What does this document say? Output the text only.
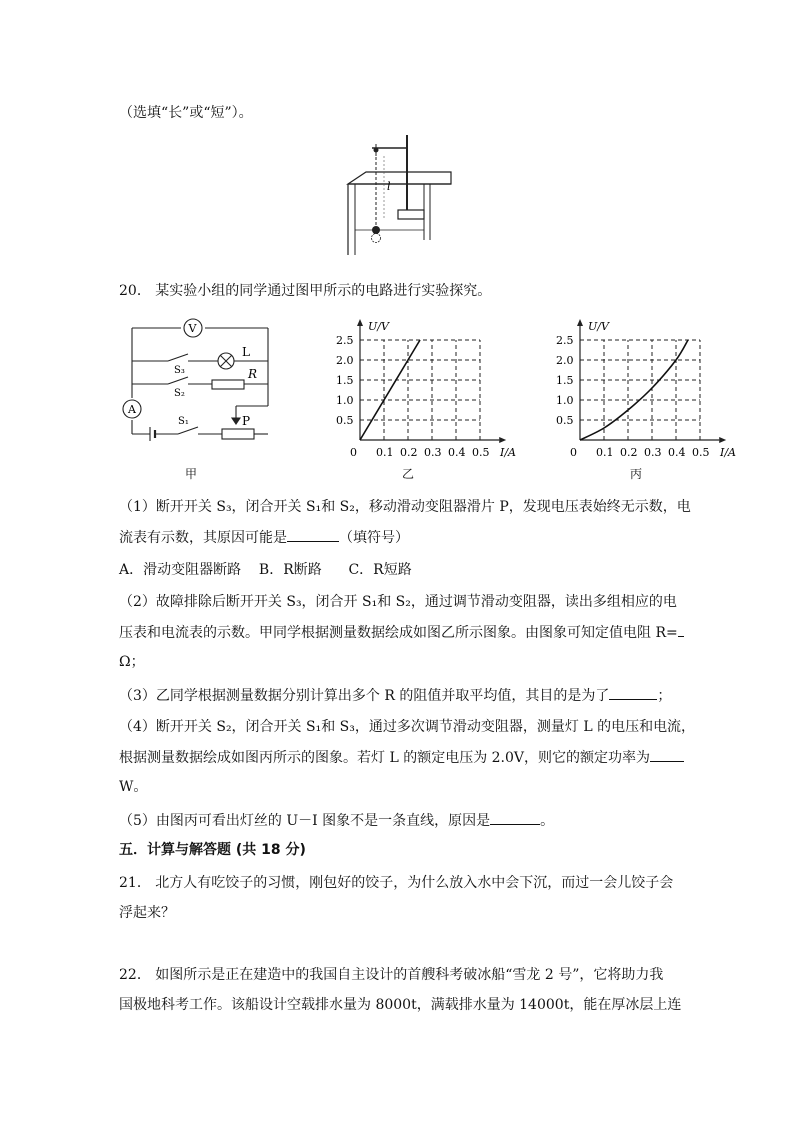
（选填“长”或“短”）。
l
20． 某实验小组的同学通过图甲所示的电路进行实验探究。
V
A
L
S₃	R
S₂
S₁	P
甲
0.1 0.2 0.3 0.4 0.5
0.5
1.0
1.5
2.0
2.5
0	I/A
U/V
乙
0.1 0.2 0.3 0.4 0.5
0.5
1.0
1.5
2.0
2.5
0	I/A
U/V
丙
（1）断开开关 S₃，闭合开关 S₁和 S₂，移动滑动变阻器滑片 P，发现电压表始终无示数，电
流表有示数，其原因可能是	（填符号）
A．滑动变阻器断路    B．R断路      C．R短路
（2）故障排除后断开开关 S₃，闭合开 S₁和 S₂，通过调节滑动变阻器，读出多组相应的电
压表和电流表的示数。甲同学根据测量数据绘成如图乙所示图象。由图象可知定值电阻 R=
Ω；
（3）乙同学根据测量数据分别计算出多个 R 的阻值并取平均值，其目的是为了	；
（4）断开开关 S₂，闭合开关 S₁和 S₃，通过多次调节滑动变阻器，测量灯 L 的电压和电流，
根据测量数据绘成如图丙所示的图象。若灯 L 的额定电压为 2.0V，则它的额定功率为
W。
（5）由图丙可看出灯丝的 U－I 图象不是一条直线，原因是	。
五．计算与解答题 (共 18 分)
21． 北方人有吃饺子的习惯，刚包好的饺子，为什么放入水中会下沉，而过一会儿饺子会
浮起来？
22． 如图所示是正在建造中的我国自主设计的首艘科考破冰船“雪龙 2 号”，它将助力我
国极地科考工作。该船设计空载排水量为 8000t，满载排水量为 14000t，能在厚冰层上连
